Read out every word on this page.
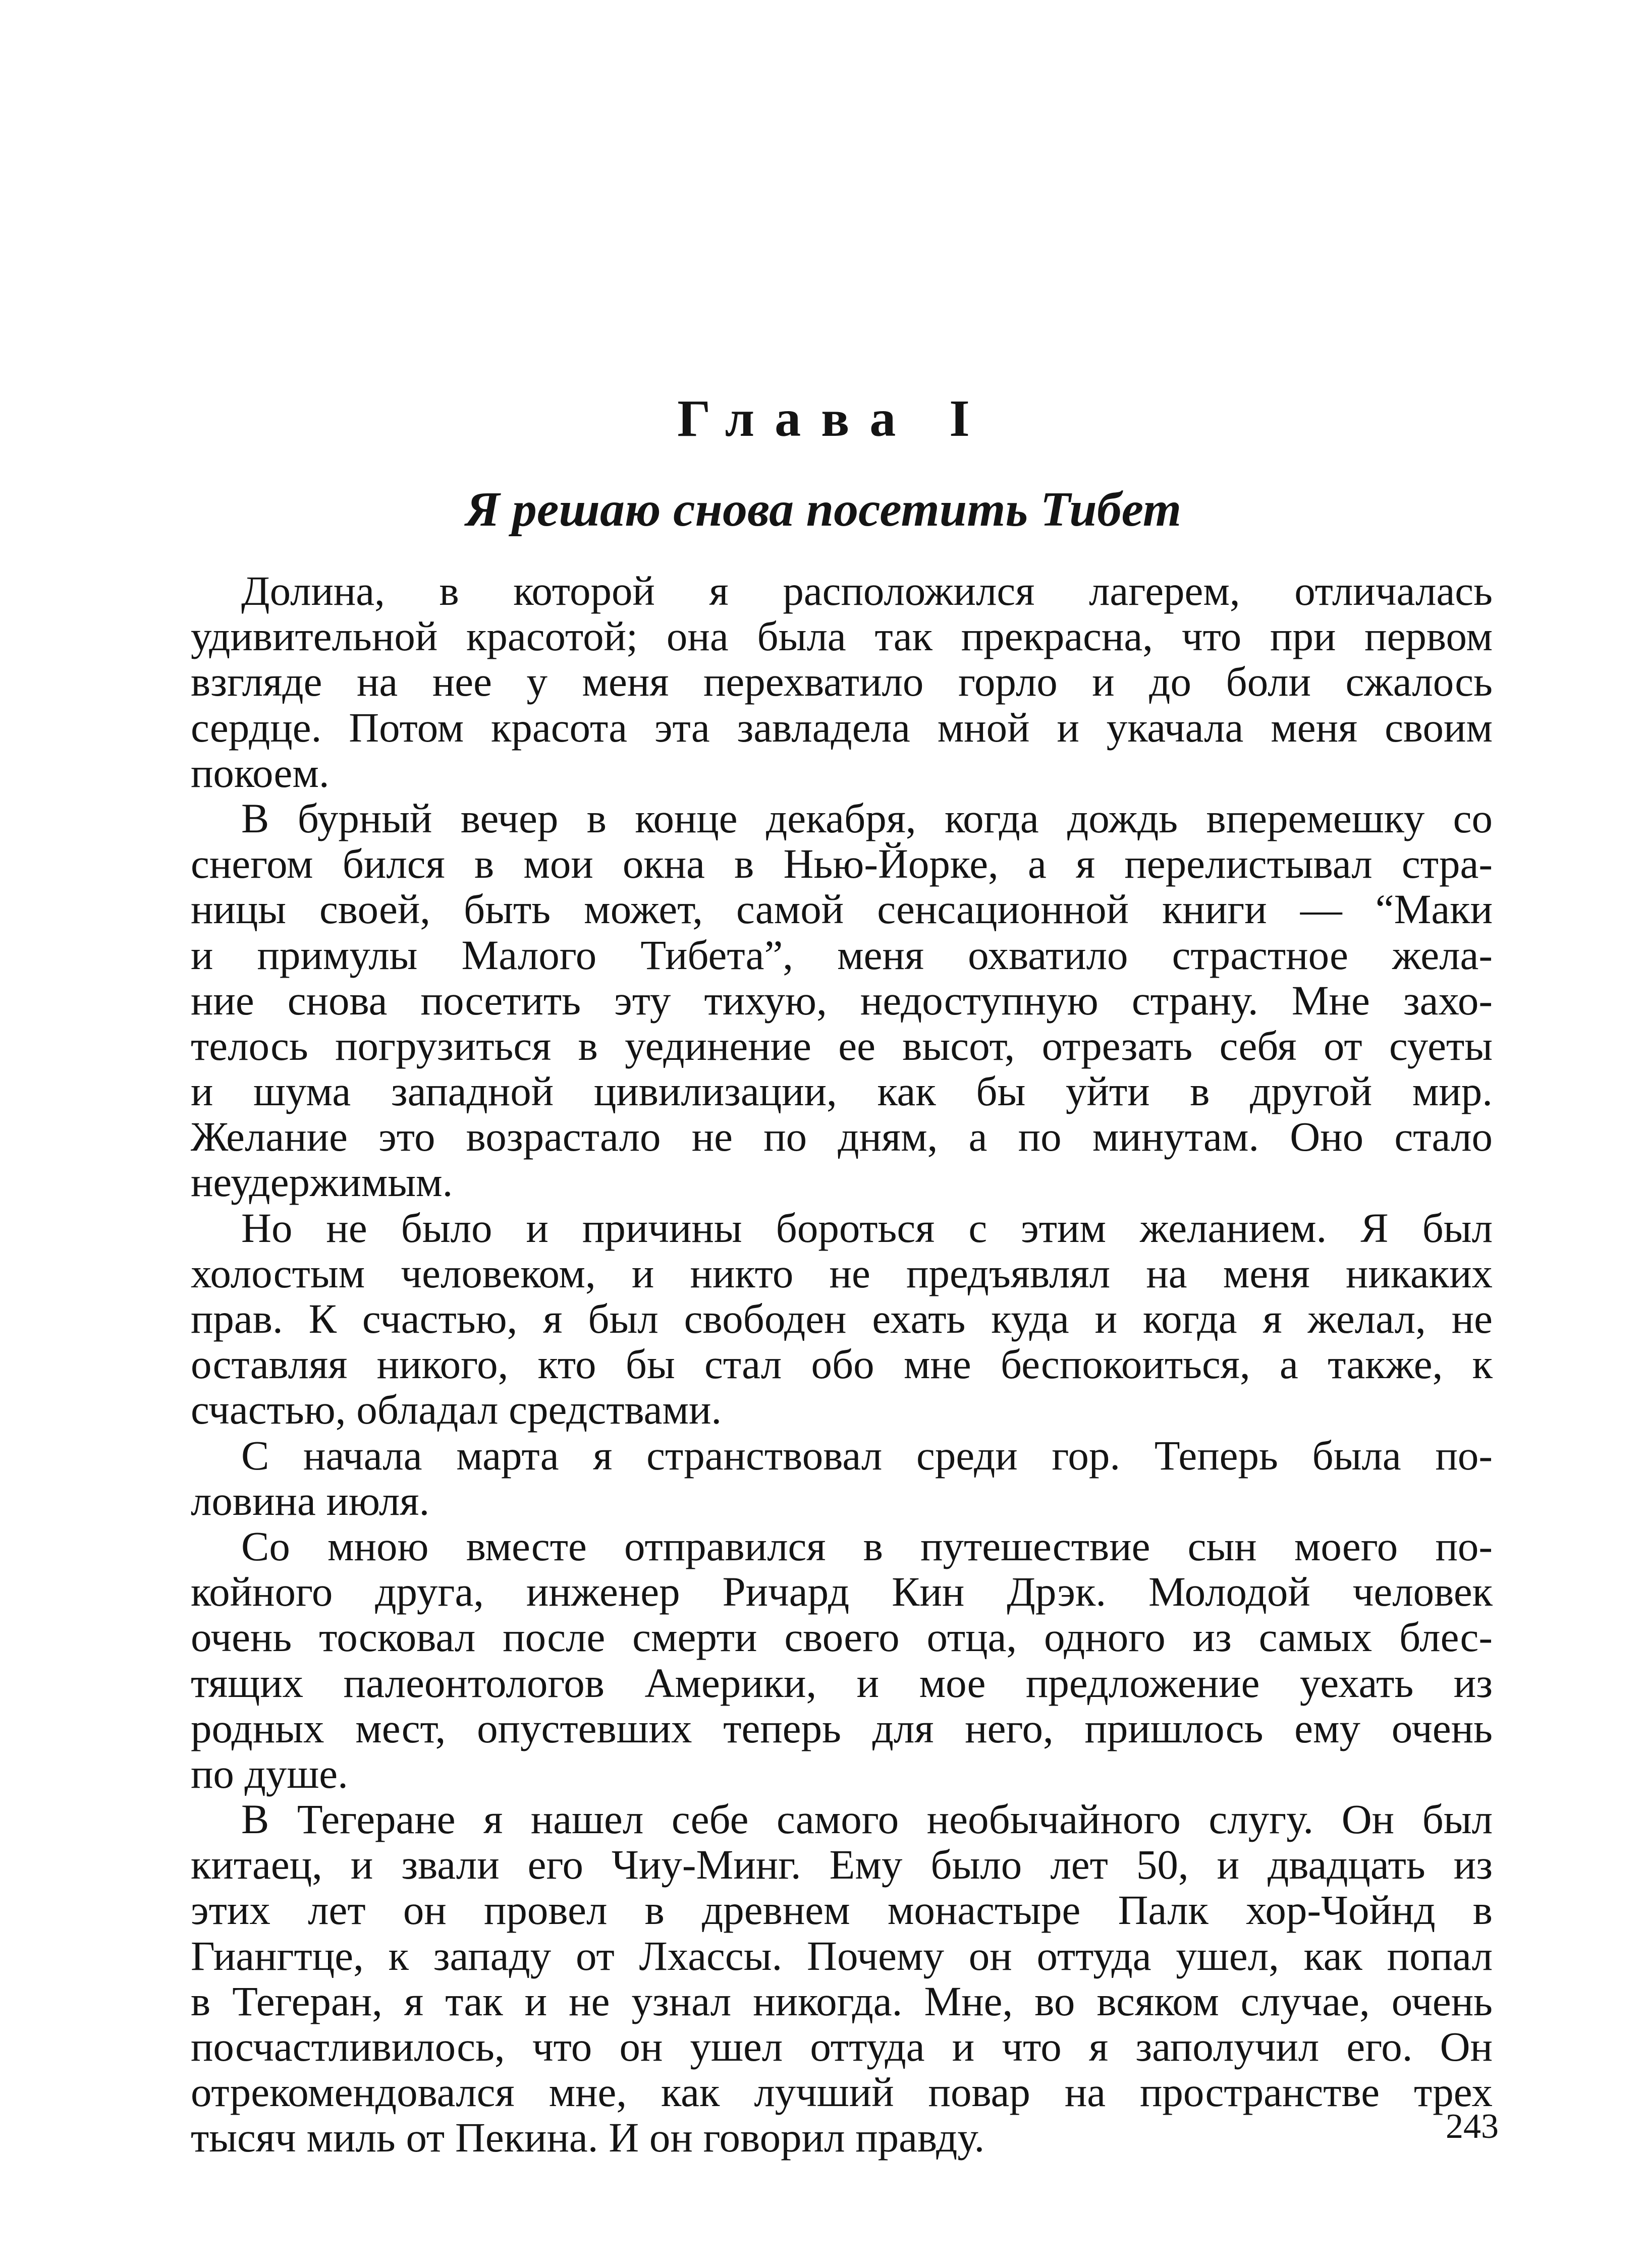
Глава I
Я решаю снова посетить Тибет
Долина, в которой я расположился лагерем, отличалась
удивительной красотой; она была так прекрасна, что при первом
взгляде на нее у меня перехватило горло и до боли сжалось
сердце. Потом красота эта завладела мной и укачала меня своим
покоем.
В бурный вечер в конце декабря, когда дождь вперемешку со
снегом бился в мои окна в Нью-Йорке, а я перелистывал стра-
ницы своей, быть может, самой сенсационной книги — “Маки
и примулы Малого Тибета”, меня охватило страстное жела-
ние снова посетить эту тихую, недоступную страну. Мне захо-
телось погрузиться в уединение ее высот, отрезать себя от суеты
и шума западной цивилизации, как бы уйти в другой мир.
Желание это возрастало не по дням, а по минутам. Оно стало
неудержимым.
Но не было и причины бороться с этим желанием. Я был
холостым человеком, и никто не предъявлял на меня никаких
прав. К счастью, я был свободен ехать куда и когда я желал, не
оставляя никого, кто бы стал обо мне беспокоиться, а также, к
счастью, обладал средствами.
С начала марта я странствовал среди гор. Теперь была по-
ловина июля.
Со мною вместе отправился в путешествие сын моего по-
койного друга, инженер Ричард Кин Дрэк. Молодой человек
очень тосковал после смерти своего отца, одного из самых блес-
тящих палеонтологов Америки, и мое предложение уехать из
родных мест, опустевших теперь для него, пришлось ему очень
по душе.
В Тегеране я нашел себе самого необычайного слугу. Он был
китаец, и звали его Чиу-Минг. Ему было лет 50, и двадцать из
этих лет он провел в древнем монастыре Палк хор-Чойнд в
Гиангтце, к западу от Лхассы. Почему он оттуда ушел, как попал
в Тегеран, я так и не узнал никогда. Мне, во всяком случае, очень
посчастливилось, что он ушел оттуда и что я заполучил его. Он
отрекомендовался мне, как лучший повар на пространстве трех
тысяч миль от Пекина. И он говорил правду.	243
